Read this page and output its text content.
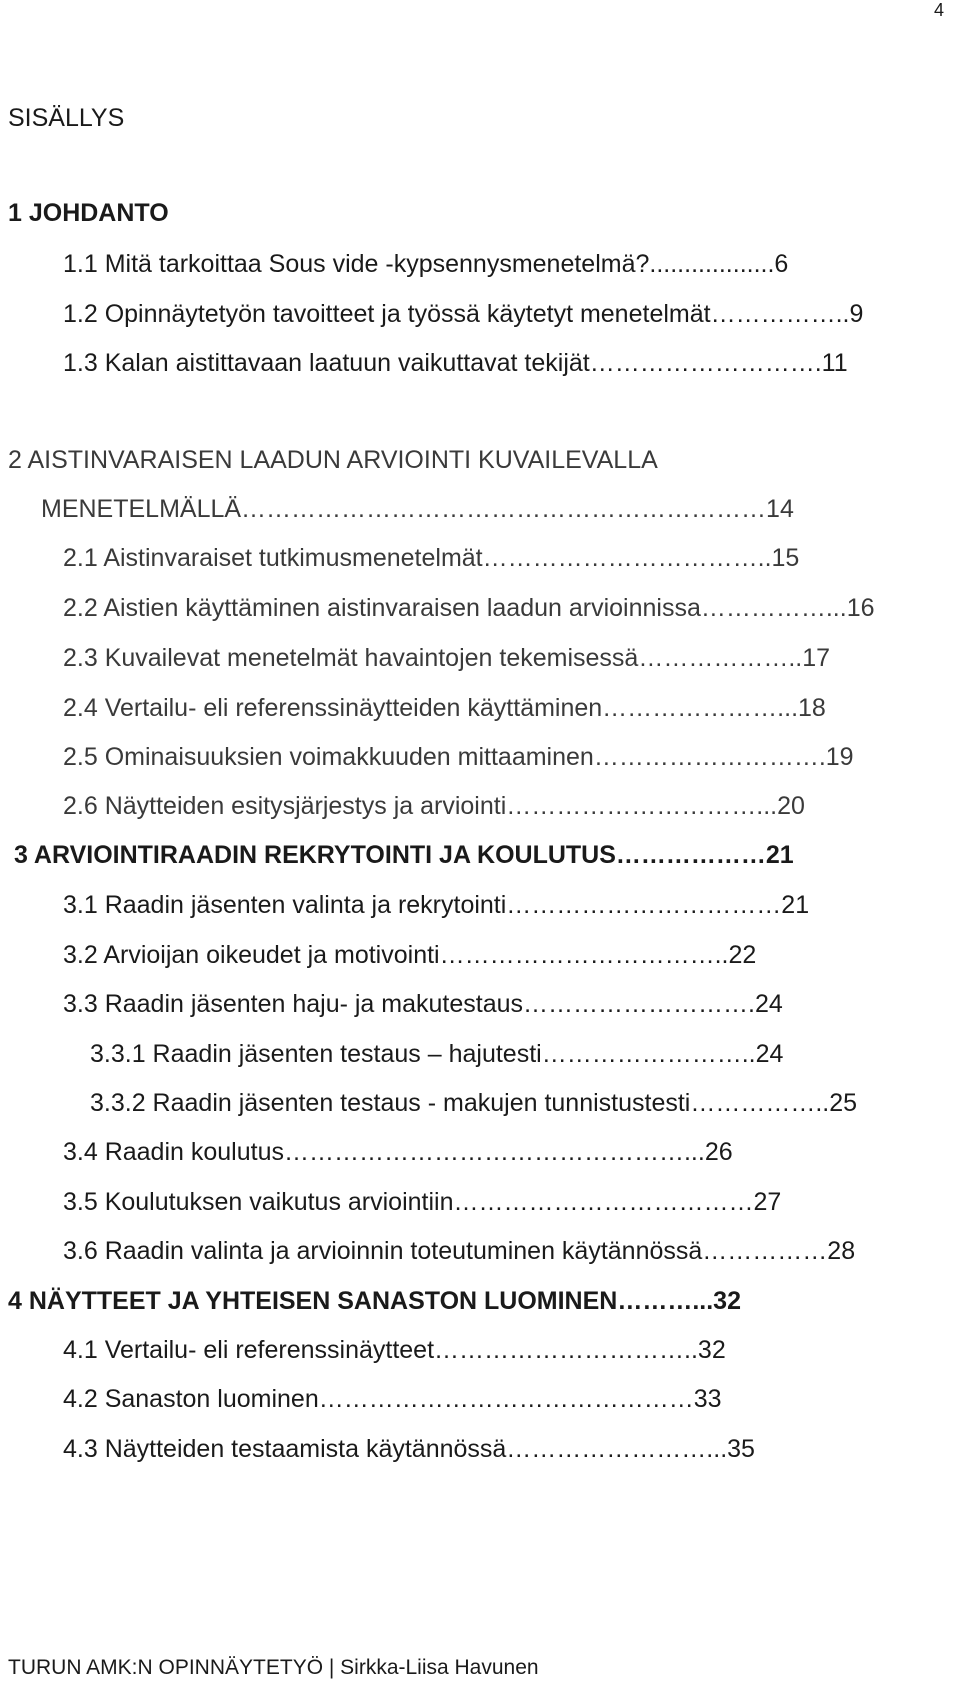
4
SISÄLLYS
1 JOHDANTO
1.1 Mitä tarkoittaa Sous vide -kypsennysmenetelmä?..................6
1.2 Opinnäytetyön tavoitteet ja työssä käytetyt menetelmät……………..9
1.3 Kalan aistittavaan laatuun vaikuttavat tekijät……………………….11
2 AISTINVARAISEN LAADUN ARVIOINTI KUVAILEVALLA
MENETELMÄLLÄ………………………………………………………14
2.1 Aistinvaraiset tutkimusmenetelmät……………………………..15
2.2 Aistien käyttäminen aistinvaraisen laadun arvioinnissa……………...16
2.3 Kuvailevat menetelmät havaintojen tekemisessä………………..17
2.4 Vertailu- eli referenssinäytteiden käyttäminen…………………...18
2.5 Ominaisuuksien voimakkuuden mittaaminen……………………….19
2.6 Näytteiden esitysjärjestys ja arviointi…………………………...20
3 ARVIOINTIRAADIN REKRYTOINTI JA KOULUTUS………………21
3.1 Raadin jäsenten valinta ja rekrytointi……………………………21
3.2 Arvioijan oikeudet ja motivointi……………………………..22
3.3 Raadin jäsenten haju- ja makutestaus……………………….24
3.3.1 Raadin jäsenten testaus – hajutesti……………………..24
3.3.2 Raadin jäsenten testaus - makujen tunnistustesti……………..25
3.4 Raadin koulutus…………………………………………...26
3.5 Koulutuksen vaikutus arviointiin………………………………27
3.6 Raadin valinta ja arvioinnin toteutuminen käytännössä……………28
4 NÄYTTEET JA YHTEISEN SANASTON LUOMINEN………...32
4.1 Vertailu- eli referenssinäytteet…………………………..32
4.2 Sanaston luominen………………………………………33
4.3 Näytteiden testaamista käytännössä……………………...35
TURUN AMK:N OPINNÄYTETYÖ | Sirkka-Liisa Havunen
